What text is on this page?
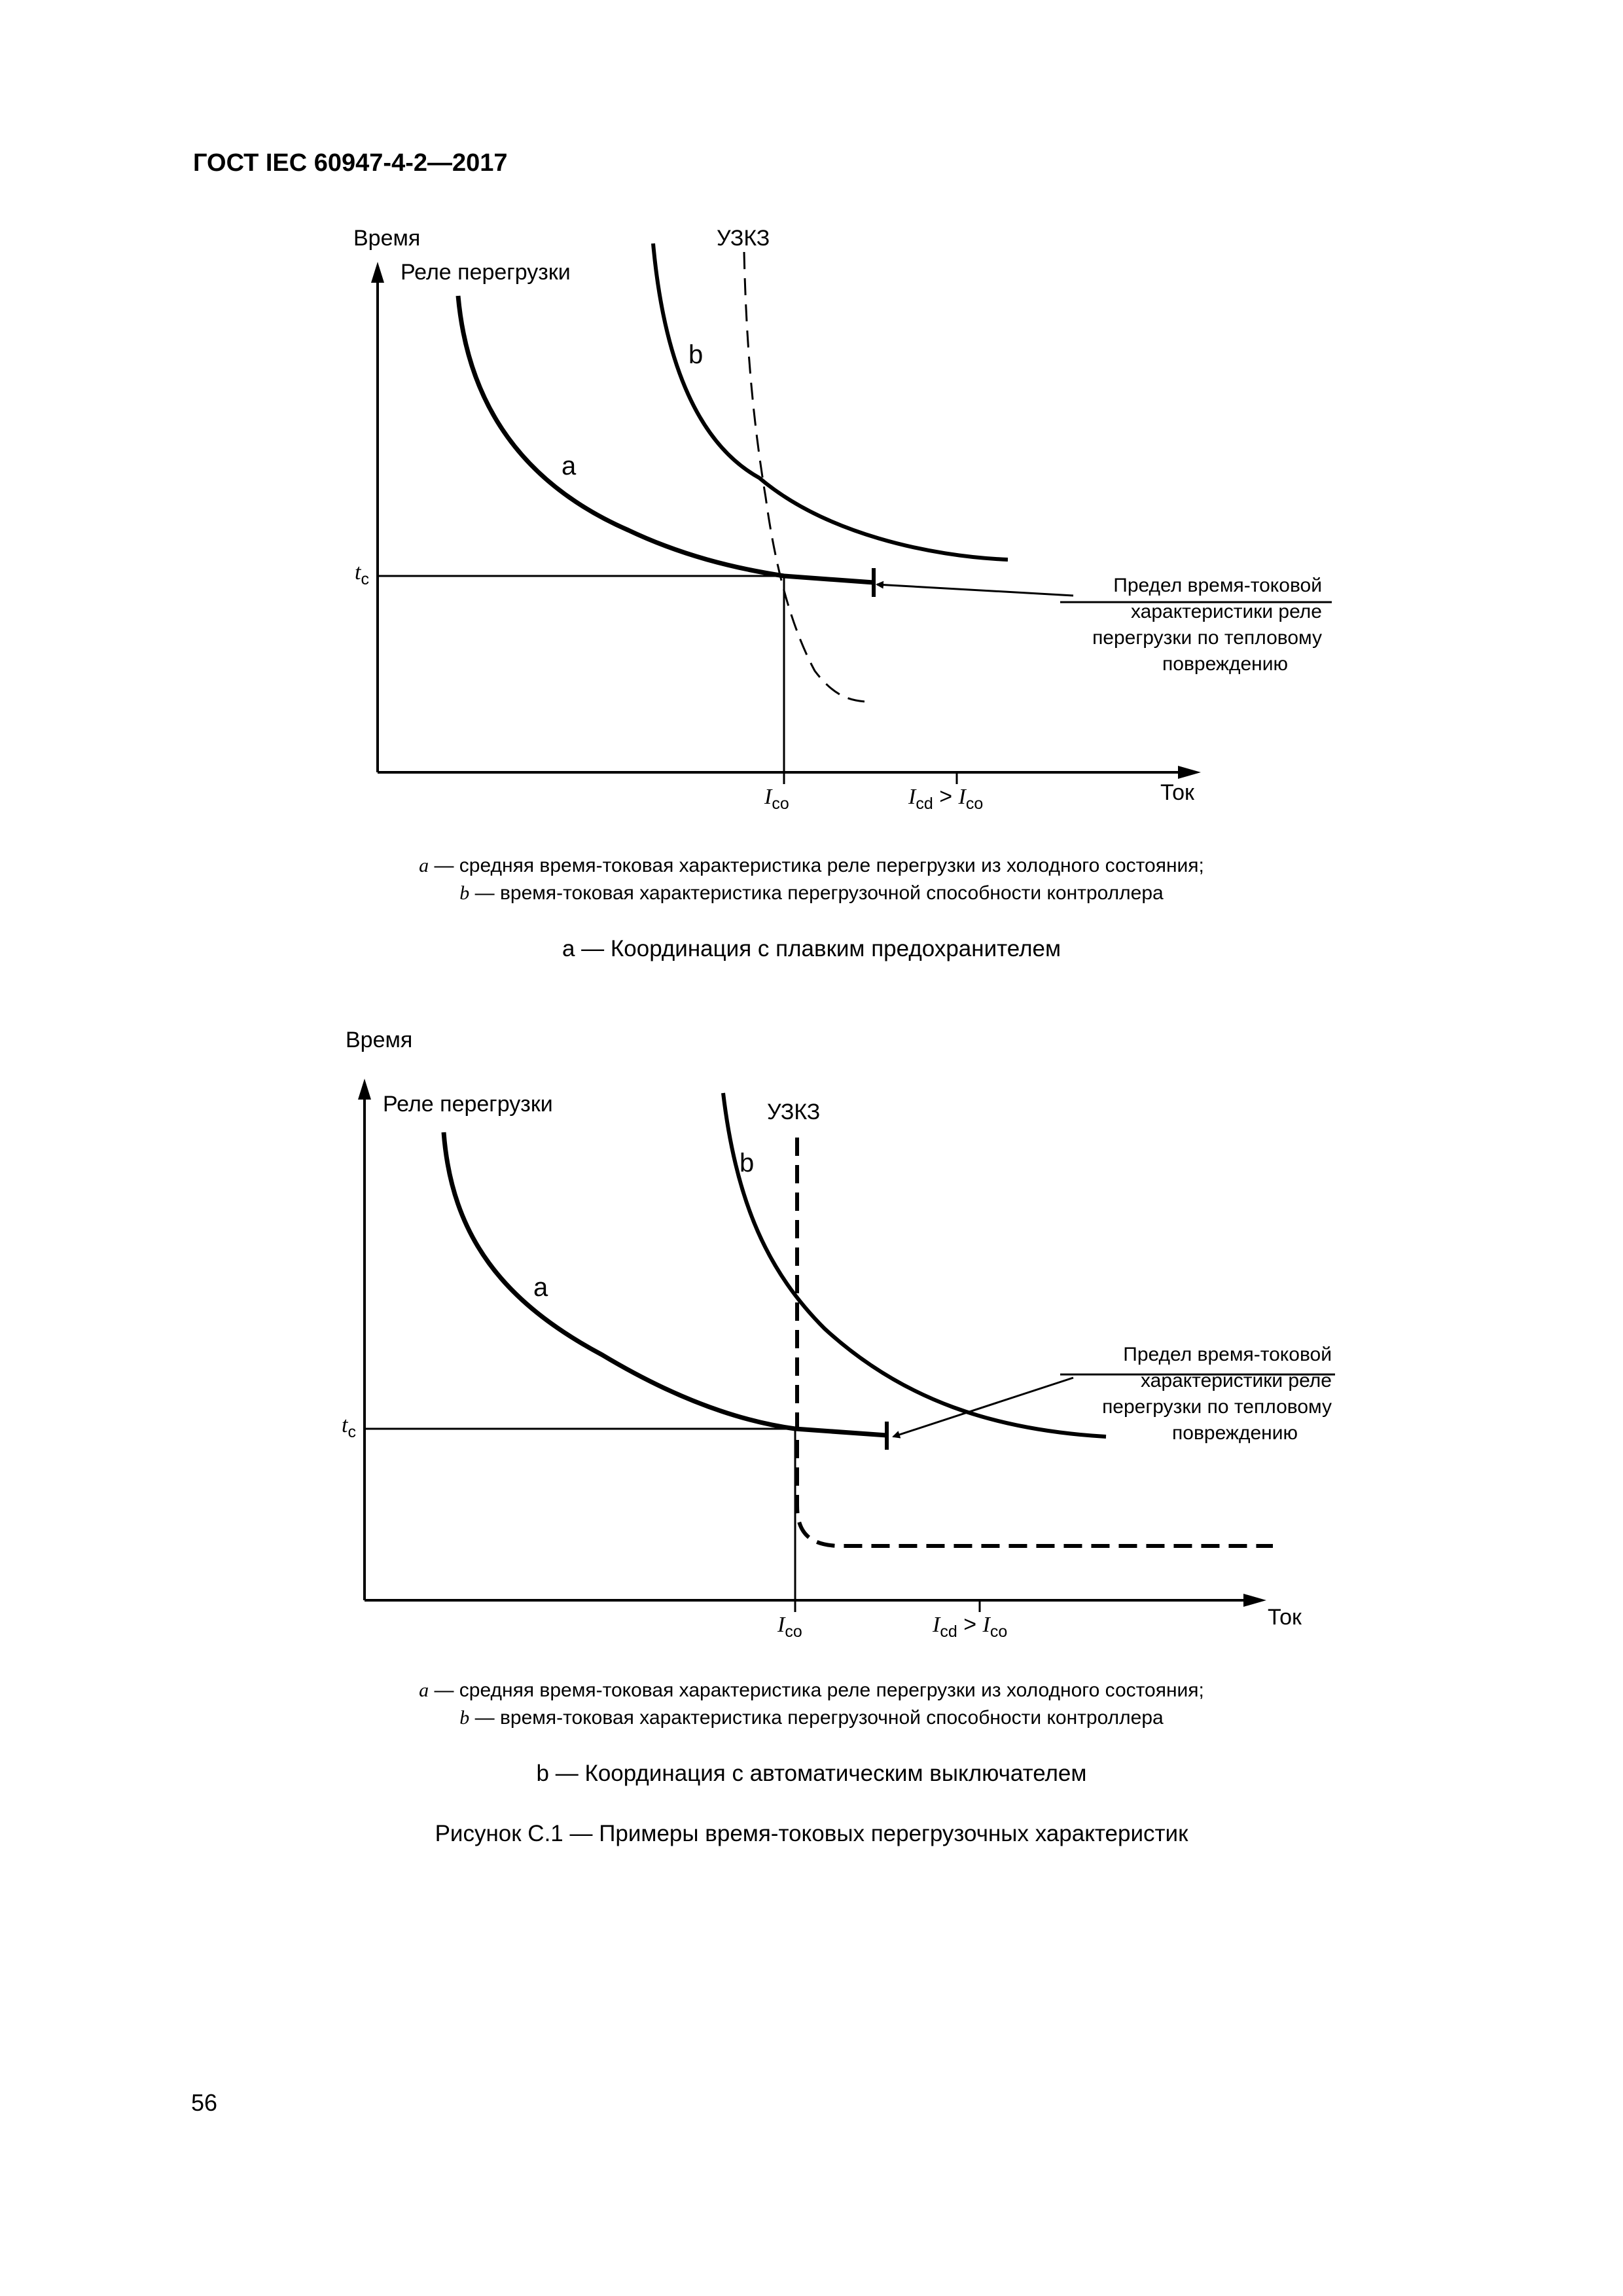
ГОСТ IEC 60947-4-2—2017
Время
Реле перегрузки
УЗКЗ
b
a
$t_c$
$I_{co}$	$I_{cd} > I_{co}$	Ток
Предел время-токовой
характеристики реле
перегрузки по тепловому
повреждению
a — средняя время-токовая характеристика реле перегрузки из холодного состояния;
b — время-токовая характеристика перегрузочной способности контроллера
а — Координация с плавким предохранителем
Время
Реле перегрузки	УЗКЗ
b
a
$t_c$
$I_{co}$	$I_{cd} > I_{co}$
Ток
Предел время-токовой
характеристики реле
перегрузки по тепловому
повреждению
a — средняя время-токовая характеристика реле перегрузки из холодного состояния;
b — время-токовая характеристика перегрузочной способности контроллера
b — Координация с автоматическим выключателем
Рисунок С.1 — Примеры время-токовых перегрузочных характеристик
56
